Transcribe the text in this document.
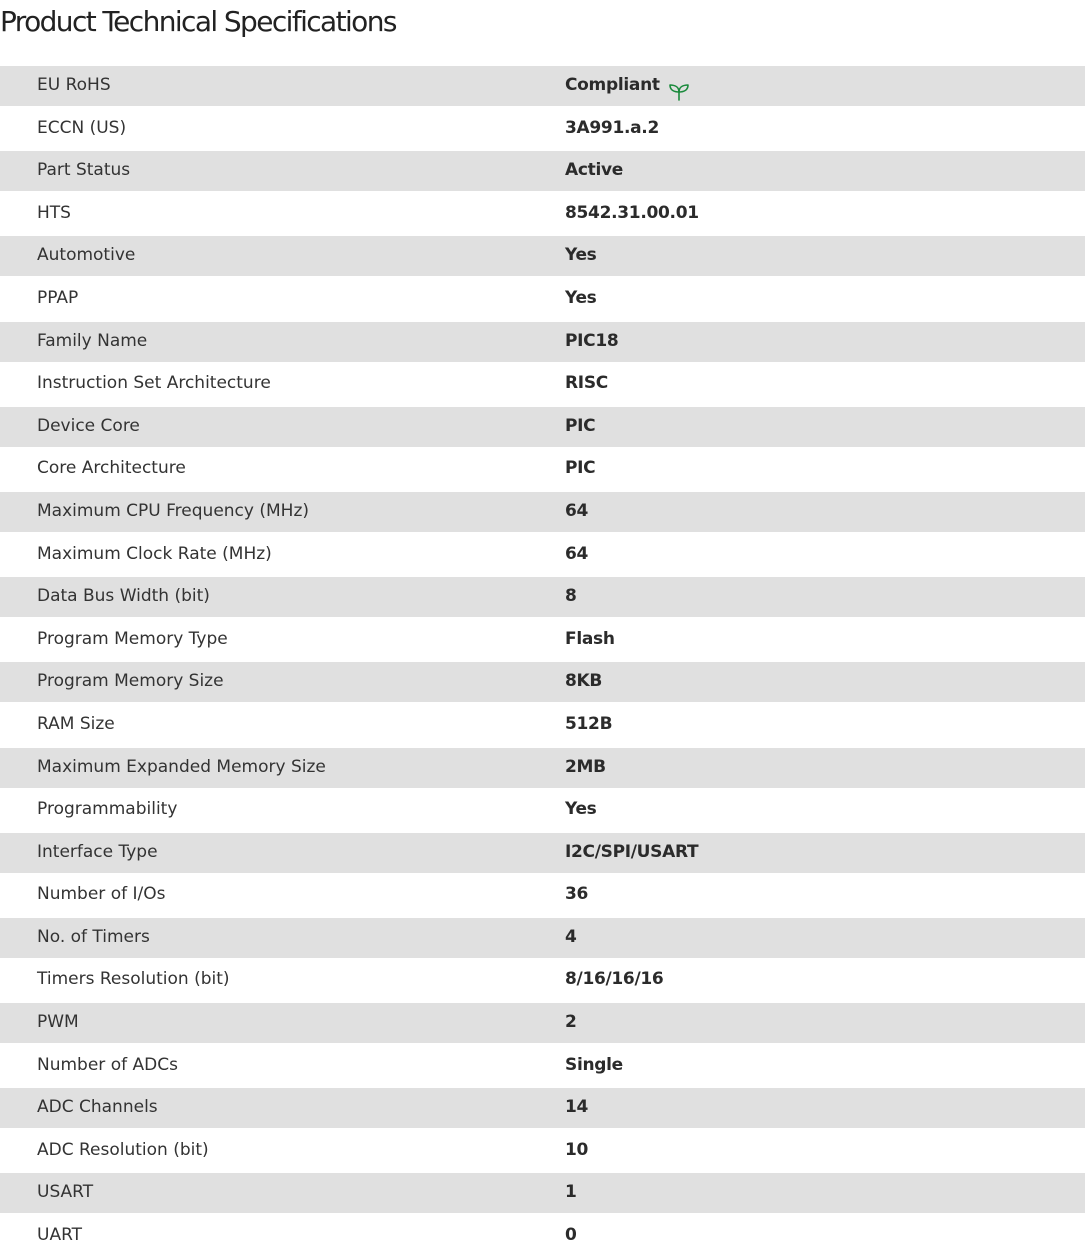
Product Technical Specifications
EU RoHS	Compliant
ECCN (US)	3A991.a.2
Part Status	Active
HTS	8542.31.00.01
Automotive	Yes
PPAP	Yes
Family Name	PIC18
Instruction Set Architecture	RISC
Device Core	PIC
Core Architecture	PIC
Maximum CPU Frequency (MHz)	64
Maximum Clock Rate (MHz)	64
Data Bus Width (bit)	8
Program Memory Type	Flash
Program Memory Size	8KB
RAM Size	512B
Maximum Expanded Memory Size	2MB
Programmability	Yes
Interface Type	I2C/SPI/USART
Number of I/Os	36
No. of Timers	4
Timers Resolution (bit)	8/16/16/16
PWM	2
Number of ADCs	Single
ADC Channels	14
ADC Resolution (bit)	10
USART	1
UART	0
